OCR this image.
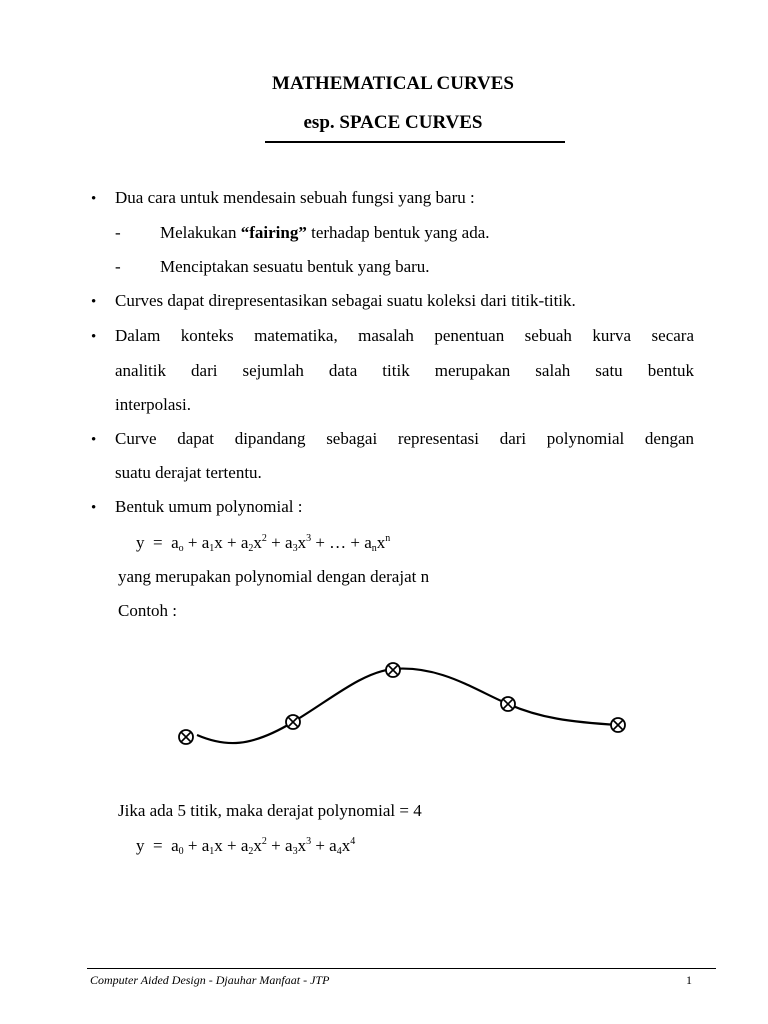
MATHEMATICAL CURVES
esp. SPACE CURVES
• Dua cara untuk mendesain sebuah fungsi yang baru :
- Melakukan “fairing” terhadap bentuk yang ada.
- Menciptakan sesuatu bentuk yang baru.
• Curves dapat direpresentasikan sebagai suatu koleksi dari titik-titik.
• Dalam konteks matematika, masalah penentuan sebuah kurva secara
analitik dari sejumlah data titik merupakan salah satu bentuk
interpolasi.
• Curve dapat dipandang sebagai representasi dari polynomial dengan
suatu derajat tertentu.
• Bentuk umum polynomial :
$y = a_o + a_1x + a_2x^2 + a_3x^3$ + … + $a_nx^n$
yang merupakan polynomial dengan derajat n
Contoh :
Jika ada 5 titik, maka derajat polynomial = 4
$y = a_0 + a_1x + a_2x^2 + a_3x^3 + a_4x^4$
Computer Aided Design - Djauhar Manfaat - JTP	1
